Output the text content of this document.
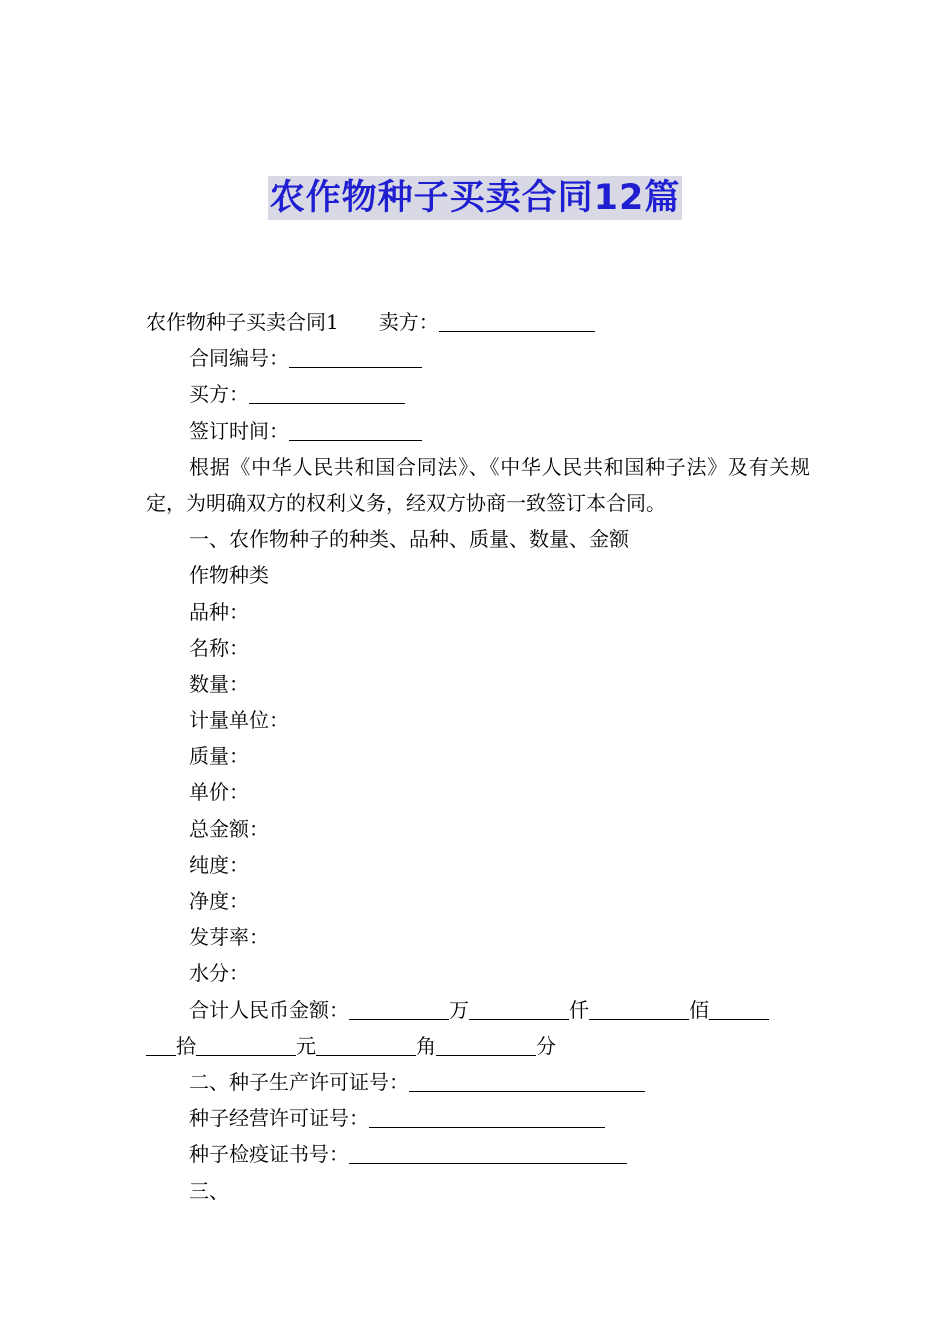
农作物种子买卖合同12篇
农作物种子买卖合同1 卖方：
合同编号：
买方：
签订时间：
根据《中华人民共和国合同法》、《中华人民共和国种子法》及有关规定，为明确双方的权利义务，经双方协商一致签订本合同。
一、农作物种子的种类、品种、质量、数量、金额
作物种类
品种：
名称：
数量：
计量单位：
质量：
单价：
总金额：
纯度：
净度：
发芽率：
水分：
合计人民币金额：	万	仟	佰
拾	元	角	分
二、种子生产许可证号：
种子经营许可证号：
种子检疫证书号：
三、
